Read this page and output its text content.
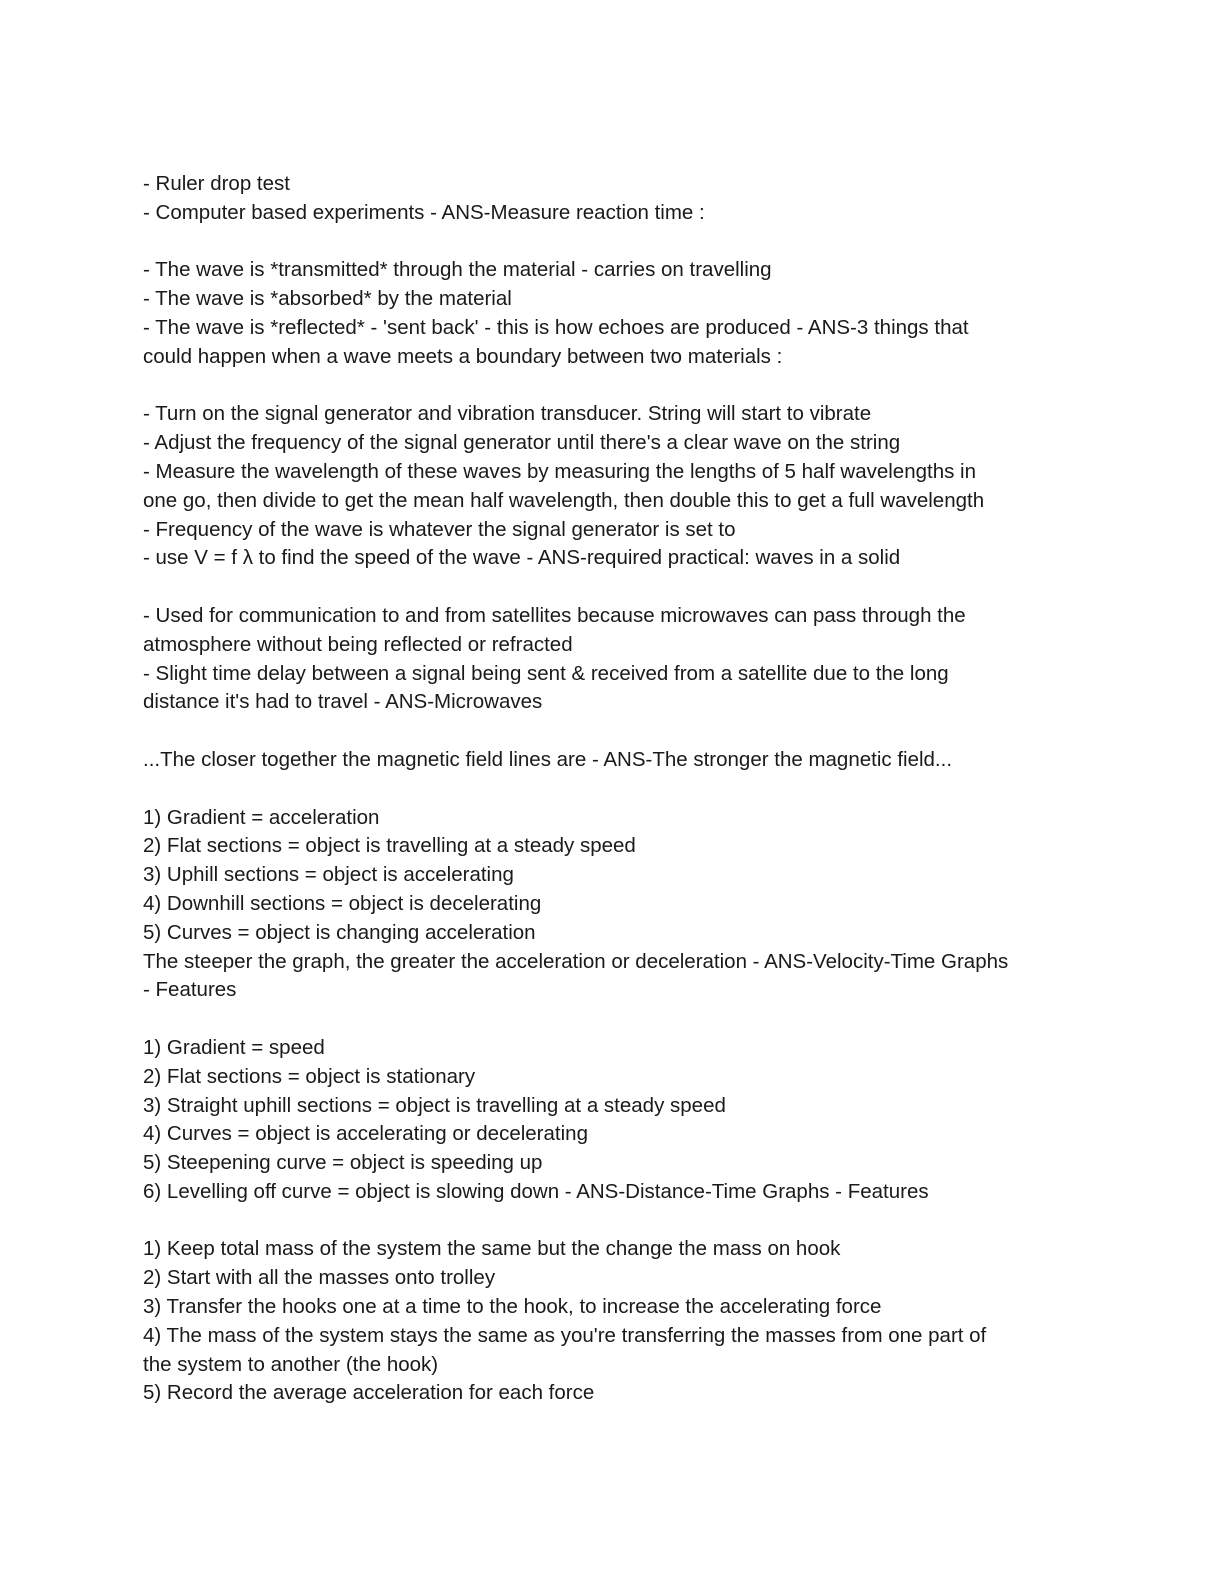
- Ruler drop test
- Computer based experiments - ANS-Measure reaction time :
- The wave is *transmitted* through the material - carries on travelling
- The wave is *absorbed* by the material
- The wave is *reflected* - 'sent back' - this is how echoes are produced - ANS-3 things that
could happen when a wave meets a boundary between two materials :
- Turn on the signal generator and vibration transducer. String will start to vibrate
- Adjust the frequency of the signal generator until there's a clear wave on the string
- Measure the wavelength of these waves by measuring the lengths of 5 half wavelengths in
one go, then divide to get the mean half wavelength, then double this to get a full wavelength
- Frequency of the wave is whatever the signal generator is set to
- use V = f λ to find the speed of the wave - ANS-required practical: waves in a solid
- Used for communication to and from satellites because microwaves can pass through the
atmosphere without being reflected or refracted
- Slight time delay between a signal being sent & received from a satellite due to the long
distance it's had to travel - ANS-Microwaves
...The closer together the magnetic field lines are - ANS-The stronger the magnetic field...
1) Gradient = acceleration
2) Flat sections = object is travelling at a steady speed
3) Uphill sections = object is accelerating
4) Downhill sections = object is decelerating
5) Curves = object is changing acceleration
The steeper the graph, the greater the acceleration or deceleration - ANS-Velocity-Time Graphs
- Features
1) Gradient = speed
2) Flat sections = object is stationary
3) Straight uphill sections = object is travelling at a steady speed
4) Curves = object is accelerating or decelerating
5) Steepening curve = object is speeding up
6) Levelling off curve = object is slowing down - ANS-Distance-Time Graphs - Features
1) Keep total mass of the system the same but the change the mass on hook
2) Start with all the masses onto trolley
3) Transfer the hooks one at a time to the hook, to increase the accelerating force
4) The mass of the system stays the same as you're transferring the masses from one part of
the system to another (the hook)
5) Record the average acceleration for each force
